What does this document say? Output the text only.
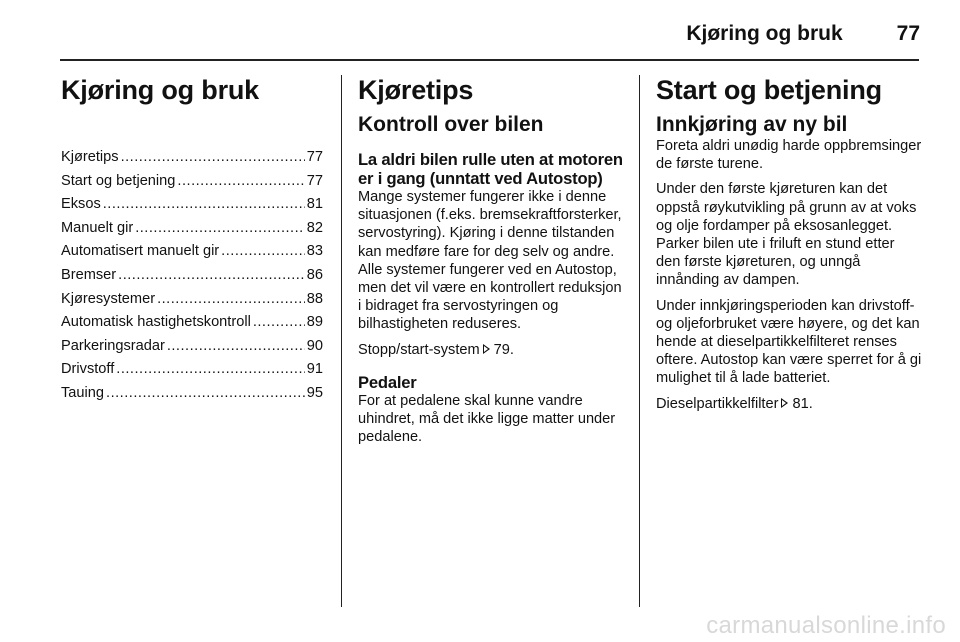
Kjøring og bruk	77
Kjøring og bruk
Kjøretips .....	77
Start og betjening .....	77
Eksos .....	81
Manuelt gir .....	82
Automatisert manuelt gir .....	83
Bremser .....	86
Kjøresystemer .....	88
Automatisk hastighetskontroll .....	89
Parkeringsradar .....	90
Drivstoff .....	91
Tauing .....	95
Kjøretips
Kontroll over bilen
La aldri bilen rulle uten at motoren er i gang (unntatt ved Autostop)

Mange systemer fungerer ikke i denne situasjonen (f.eks. bremsekraftforsterker, servostyring). Kjøring i denne tilstanden kan medføre fare for deg selv og andre. Alle systemer fungerer ved en Autostop, men det vil være en kontrollert reduksjon i bidraget fra servostyringen og bilhastigheten reduseres.

Stopp/start-system 79.

Pedaler

For at pedalene skal kunne vandre uhindret, må det ikke ligge matter under pedalene.

Start og betjening
Innkjøring av ny bil

Foreta aldri unødig harde oppbremsinger de første turene.

Under den første kjøreturen kan det oppstå røykutvikling på grunn av at voks og olje fordamper på eksosanlegget. Parker bilen ute i friluft en stund etter den første kjøreturen, og unngå innånding av dampen.

Under innkjøringsperioden kan drivstoff- og oljeforbruket være høyere, og det kan hende at dieselpartikkelfilteret renses oftere. Autostop kan være sperret for å gi mulighet til å lade batteriet.

Dieselpartikkelfilter 81.

carmanualsonline.info
